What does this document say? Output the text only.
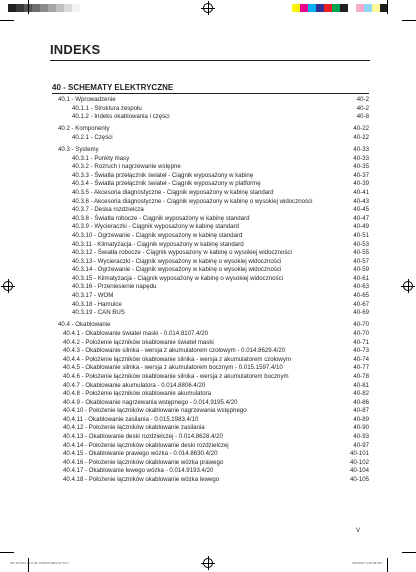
INDEKS
40 - SCHEMATY ELEKTRYCZNE
40.1 - Wprowadzenie	40-2
40.1.1 - Struktura zespołu	40-2
40.1.2 - Indeks okablowania i części	40-8
40.2 - Komponenty	40-22
40.2.1 - Części	40-22
40.3 - Systemy	40-33
40.3.1 - Punkty masy	40-33
40.3.2 - Rozruch i nagrzewanie wstępne	40-35
40.3.3 - Światła przełącznik świateł - Ciągnik wyposażony w kabinę	40-37
40.3.4 - Światła przełącznik świateł - Ciągnik wyposażony w platformę	40-39
40.3.5 - Akcesoria diagnostyczne - Ciągnik wyposażony w kabinę standard	40-41
40.3.6 - Akcesoria diagnostyczne - Ciągnik wyposażony w kabinę o wysokiej widoczności	40-43
40.3.7 - Deska rozdzielcza	40-45
40.3.8 - Światła robocze - Ciągnik wyposażony w kabinę standard	40-47
40.3.9 - Wycieraczki - Ciągnik wyposażony w kabinę standard	40-49
40.3.10 - Ogrzewanie - Ciągnik wyposażony w kabinę standard	40-51
40.3.11 - Klimatyzacja - Ciągnik wyposażony w kabinę standard	40-53
40.3.12 - Światła robocze - Ciągnik wyposażony w kabinę o wysokiej widoczności	40-55
40.3.13 - Wycieraczki - Ciągnik wyposażony w kabinę o wysokiej widoczności	40-57
40.3.14 - Ogrzewanie - Ciągnik wyposażony w kabinę o wysokiej widoczności	40-59
40.3.15 - Klimatyzacja - Ciągnik wyposażony w kabinę o wysokiej widoczności	40-61
40.3.16 - Przeniesienie napędu	40-63
40.3.17 - WOM	40-65
40.3.18 - Hamulce	40-67
40.3.19 - CAN BUS	40-69
40.4 - Okablowanie	40-70
40.4.1 - Okablowanie świateł maski - 0.014.8107.4/20	40-70
40.4.2 - Położenie łączników okablowanie świateł maski	40-71
40.4.3 - Okablowanie silnika - wersja z akumulatorem czołowym - 0.014.8629.4/20	40-73
40.4.4 - Położenie łączników okablowanie silnika - wersja z akumulatorem czołowym	40-74
40.4.5 - Okablowanie silnika - wersja z akumulatorem bocznym - 0.015.1597.4/10	40-77
40.4.6 - Położenie łączników okablowanie silnika - wersja z akumulatorem bocznym	40-78
40.4.7 - Okablowanie akumulatora - 0.014.8806.4/20	40-81
40.4.8 - Położenie łączników okablowanie akumulatora	40-82
40.4.9 - Okablowanie nagrzewania wstępnego - 0.014.9195.4/20	40-86
40.4.10 - Położenie łączników okablowanie nagrzewania wstępnego	40-87
40.4.11 - Okablowanie zasilania - 0.015.1983.4/10	40-89
40.4.12 - Położenie łączników okablowanie zasilania	40-90
40.4.13 - Okablowanie deski rozdzielczej - 0.014.8628.4/20	40-93
40.4.14 - Położenie łączników okablowanie deski rozdzielczej	40-97
40.4.15 - Okablowanie prawego wózka - 0.014.8630.4/20	40-101
40.4.16 - Położenie łączników okablowanie wózka prawego	40-102
40.4.17 - Okablowanie lewego wózka - 0.014.9193.4/20	40-104
40.4.18 - Położenie łączników okablowanie wózka lewego	40-105
V
307 W-2019 p3 0-00: AGROP-MEG.97 SV V	4/26/2017 4:35:08 PM
